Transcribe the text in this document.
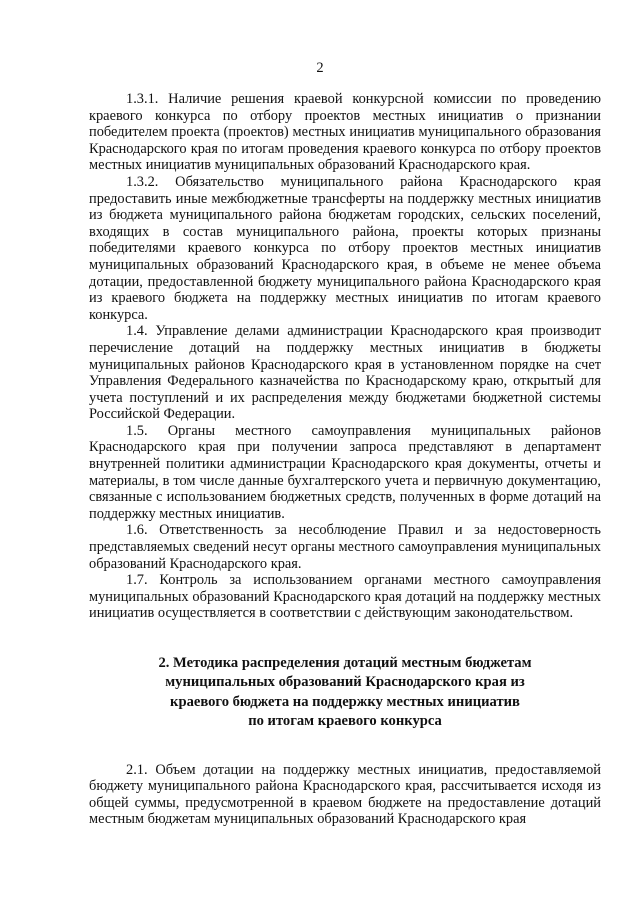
2

1.3.1. Наличие решения краевой конкурсной комиссии по проведению краевого конкурса по отбору проектов местных инициатив о признании победителем проекта (проектов) местных инициатив муниципального образования Краснодарского края по итогам проведения краевого конкурса по отбору проектов местных инициатив муниципальных образований Краснодарского края.

1.3.2. Обязательство муниципального района Краснодарского края предоставить иные межбюджетные трансферты на поддержку местных инициатив из бюджета муниципального района бюджетам городских, сельских поселений, входящих в состав муниципального района, проекты которых признаны победителями краевого конкурса по отбору проектов местных инициатив муниципальных образований Краснодарского края, в объеме не менее объема дотации, предоставленной бюджету муниципального района Краснодарского края из краевого бюджета на поддержку местных инициатив по итогам краевого конкурса.

1.4. Управление делами администрации Краснодарского края производит перечисление дотаций на поддержку местных инициатив в бюджеты муниципальных районов Краснодарского края в установленном порядке на счет Управления Федерального казначейства по Краснодарскому краю, открытый для учета поступлений и их распределения между бюджетами бюджетной системы Российской Федерации.

1.5. Органы местного самоуправления муниципальных районов Краснодарского края при получении запроса представляют в департамент внутренней политики администрации Краснодарского края документы, отчеты и материалы, в том числе данные бухгалтерского учета и первичную документацию, связанные с использованием бюджетных средств, полученных в форме дотаций на поддержку местных инициатив.

1.6. Ответственность за несоблюдение Правил и за недостоверность представляемых сведений несут органы местного самоуправления муниципальных образований Краснодарского края.

1.7. Контроль за использованием органами местного самоуправления муниципальных образований Краснодарского края дотаций на поддержку местных инициатив осуществляется в соответствии с действующим законодательством.

2. Методика распределения дотаций местным бюджетам
муниципальных образований Краснодарского края из
краевого бюджета на поддержку местных инициатив
по итогам краевого конкурса

2.1. Объем дотации на поддержку местных инициатив, предоставляемой бюджету муниципального района Краснодарского края, рассчитывается исходя из общей суммы, предусмотренной в краевом бюджете на предоставление дотаций местным бюджетам муниципальных образований Краснодарского края
